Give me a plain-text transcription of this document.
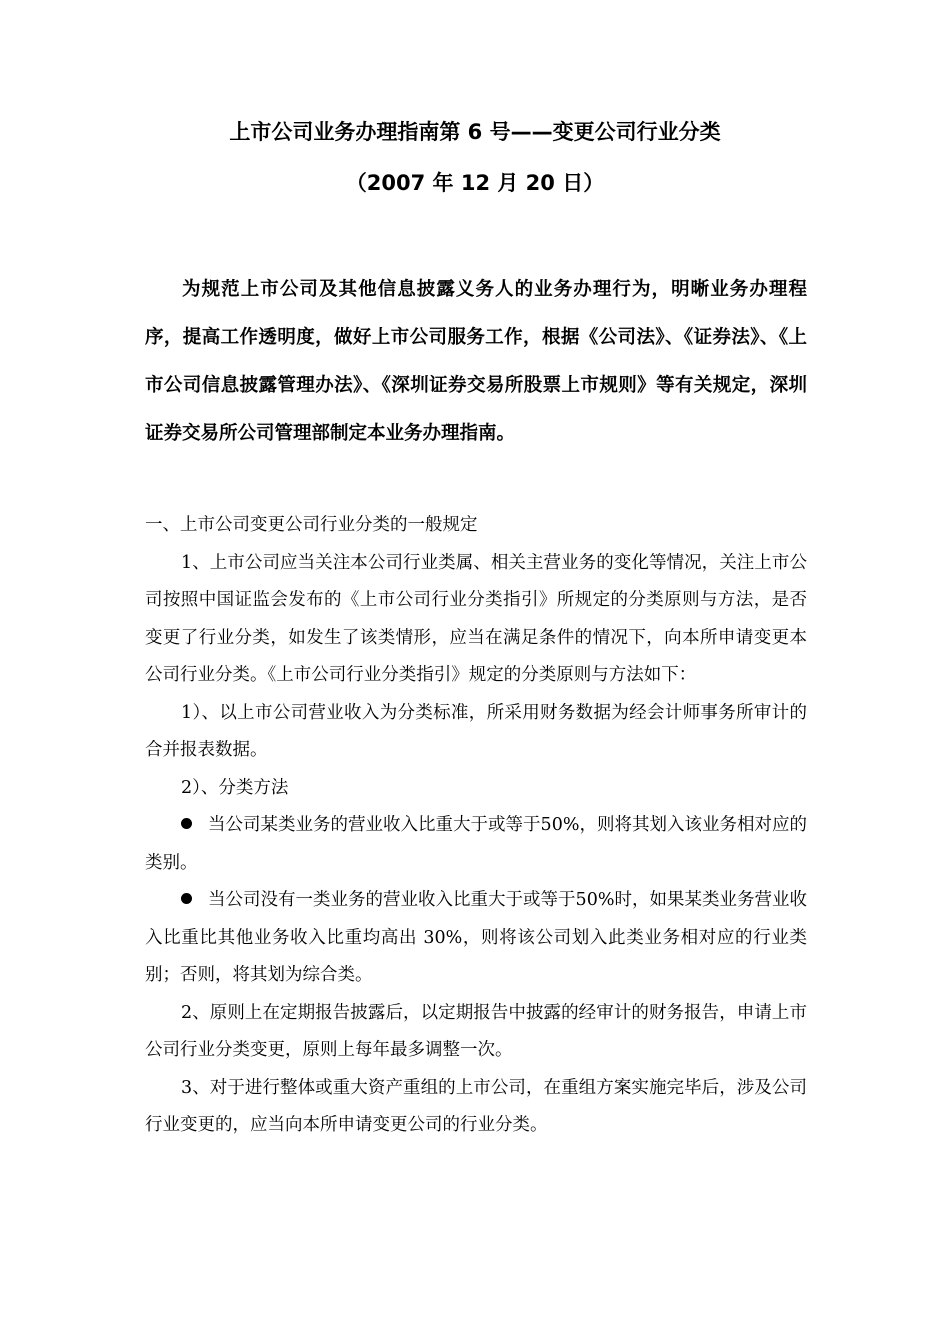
上市公司业务办理指南第 6 号——变更公司行业分类
（2007 年 12 月 20 日）

为规范上市公司及其他信息披露义务人的业务办理行为，明晰业务办理程序，提高工作透明度，做好上市公司服务工作，根据《公司法》、《证券法》、《上市公司信息披露管理办法》、《深圳证券交易所股票上市规则》等有关规定，深圳证券交易所公司管理部制定本业务办理指南。

一、上市公司变更公司行业分类的一般规定

1、上市公司应当关注本公司行业类属、相关主营业务的变化等情况，关注上市公司按照中国证监会发布的《上市公司行业分类指引》所规定的分类原则与方法，是否变更了行业分类，如发生了该类情形，应当在满足条件的情况下，向本所申请变更本公司行业分类。《上市公司行业分类指引》规定的分类原则与方法如下：

1）、以上市公司营业收入为分类标准，所采用财务数据为经会计师事务所审计的合并报表数据。

2）、分类方法

当公司某类业务的营业收入比重大于或等于50%，则将其划入该业务相对应的类别。

当公司没有一类业务的营业收入比重大于或等于50%时，如果某类业务营业收入比重比其他业务收入比重均高出 30%，则将该公司划入此类业务相对应的行业类别；否则，将其划为综合类。

2、原则上在定期报告披露后，以定期报告中披露的经审计的财务报告，申请上市公司行业分类变更，原则上每年最多调整一次。

3、对于进行整体或重大资产重组的上市公司，在重组方案实施完毕后，涉及公司行业变更的，应当向本所申请变更公司的行业分类。
